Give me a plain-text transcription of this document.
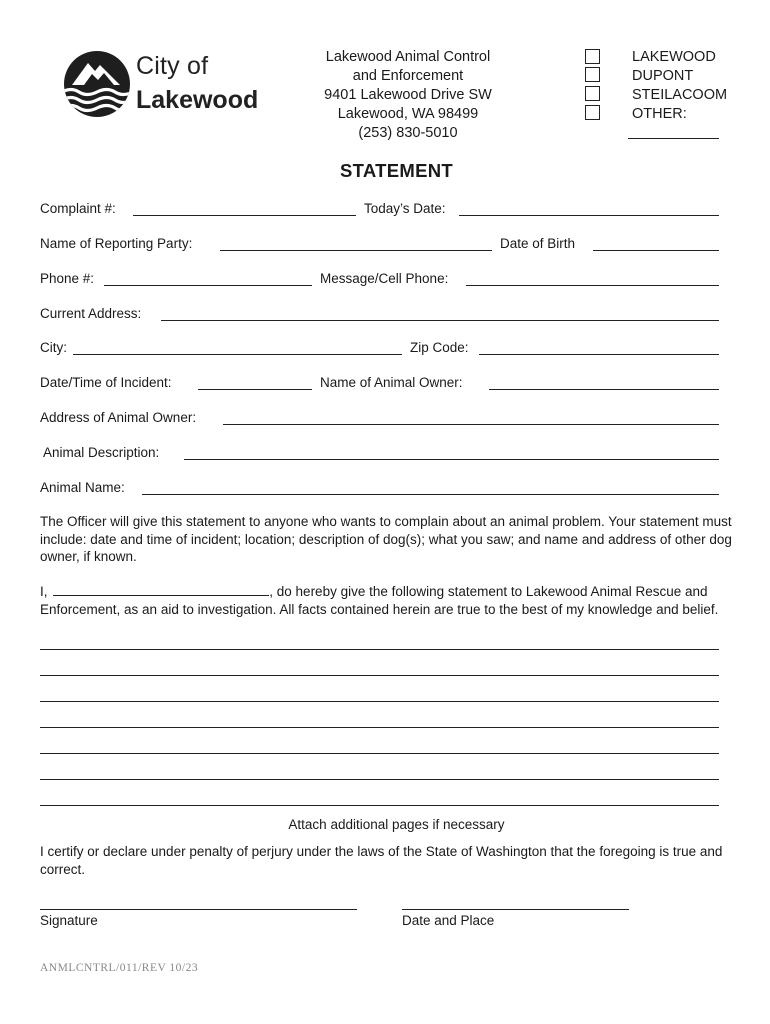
City of
Lakewood
Lakewood Animal Control
and Enforcement
9401 Lakewood Drive SW
Lakewood, WA 98499
(253) 830-5010
LAKEWOOD
DUPONT
STEILACOOM
OTHER:
STATEMENT
Complaint #:	Today’s Date:
Name of Reporting Party:	Date of Birth
Phone #:	Message/Cell Phone:
Current Address:
City:	Zip Code:
Date/Time of Incident:	Name of Animal Owner:
Address of Animal Owner:
Animal Description:
Animal Name:
The Officer will give this statement to anyone who wants to complain about an animal problem. Your statement must include: date and time of incident; location; description of dog(s); what you saw; and name and address of other dog owner, if known.
I,	, do hereby give the following statement to Lakewood Animal Rescue and Enforcement, as an aid to investigation. All facts contained herein are true to the best of my knowledge and belief.
Attach additional pages if necessary
I certify or declare under penalty of perjury under the laws of the State of Washington that the foregoing is true and correct.
Signature	Date and Place
ANMLCNTRL/011/REV 10/23
